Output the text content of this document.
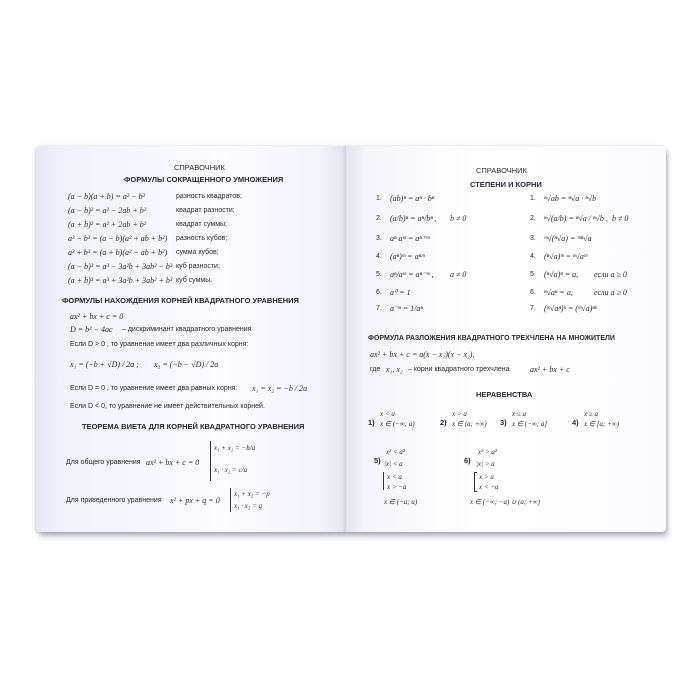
СПРАВОЧНИК
ФОРМУЛЫ СОКРАЩЕННОГО УМНОЖЕНИЯ
(a − b)(a + b) = a² − b²	разность квадратов;
(a − b)² = a² − 2ab + b²	квадрат разности;
(a + b)² = a² + 2ab + b²	квадрат суммы;
a³ − b³ = (a − b)(a² + ab + b²) разность кубов;
a³ + b³ = (a + b)(a² − ab + b²) сумма кубов;
(a − b)³ = a³ − 3a²b + 3ab² − b³ куб разности;
(a + b)³ = a³ + 3a²b + 3ab² + b³ куб суммы.
ФОРМУЛЫ НАХОЖДЕНИЯ КОРНЕЙ КВАДРАТНОГО УРАВНЕНИЯ
ax² + bx + c = 0
D = b² − 4ac – дискриминант квадратного уравнения
Если D > 0 , то уравнение имеет два различных корня:
x₁ = (−b + √D) / 2a ; x₂ = (−b − √D) / 2a
Если D = 0 , то уравнение имеет два равных корня: x₁ = x₂ = −b / 2a
Если D < 0, то уравнение не имеет действительных корней.
ТЕОРЕМА ВИЕТА ДЛЯ КОРНЕЙ КВАДРАТНОГО УРАВНЕНИЯ
Для общего уравнения ax² + bx + c = 0
x₁ + x₂ = −b/a
x₁ · x₂ = c/a
Для приведенного уравнения x² + px + q = 0
x₁ + x₂ = −p
x₁ · x₂ = q
СПРАВОЧНИК
СТЕПЕНИ И КОРНИ
1. (ab)ⁿ = aⁿ · bⁿ
2. (a/b)ⁿ = aⁿ/bⁿ , b ≠ 0
3. aⁿ aᵐ = aⁿ⁺ᵐ
4. (aⁿ)ᵐ = aⁿᵐ
5. aⁿ/aᵐ = aⁿ⁻ᵐ , a ≠ 0
6. a⁰ = 1
7. a⁻ⁿ = 1/aⁿ
1. ⁿ√ab = ⁿ√a · ⁿ√b
2. ⁿ√(a/b) = ⁿ√a / ⁿ√b , b ≠ 0
3. ᵐ√(ⁿ√a) = ᵐⁿ√a
4. (ⁿ√a)ᵐ = ⁿ√aᵐ
5. (ⁿ√a)ⁿ = a, если a ≥ 0
6. ⁿ√aⁿ = a,	если a ≥ 0
7. (ᵐ√aⁿ)ᵏ = (ᵐ√a)ⁿᵏ
ФОРМУЛА РАЗЛОЖЕНИЯ КВАДРАТНОГО ТРЕХЧЛЕНА НА МНОЖИТЕЛИ
ax² + bx + c = a(x − x₁)(x − x₂),
где x₁, x₂ – корни квадратного трехчлена	ax² + bx + c
НЕРАВЕНСТВА
1)
x < a
x ∈ (−∞; a)	2)
x > a
x ∈ (a; +∞) 3)
x ≤ a
x ∈ (−∞; a]	4)
x ≥ a
x ∈ [a; +∞)
5)
x² < a²
|x| < a
x < a
x > −a
x ∈ (−a; a)
6)
x² > a²
|x| > a
x > a
x < −a
x ∈ (−∞; −a) ∪ (a; +∞)
